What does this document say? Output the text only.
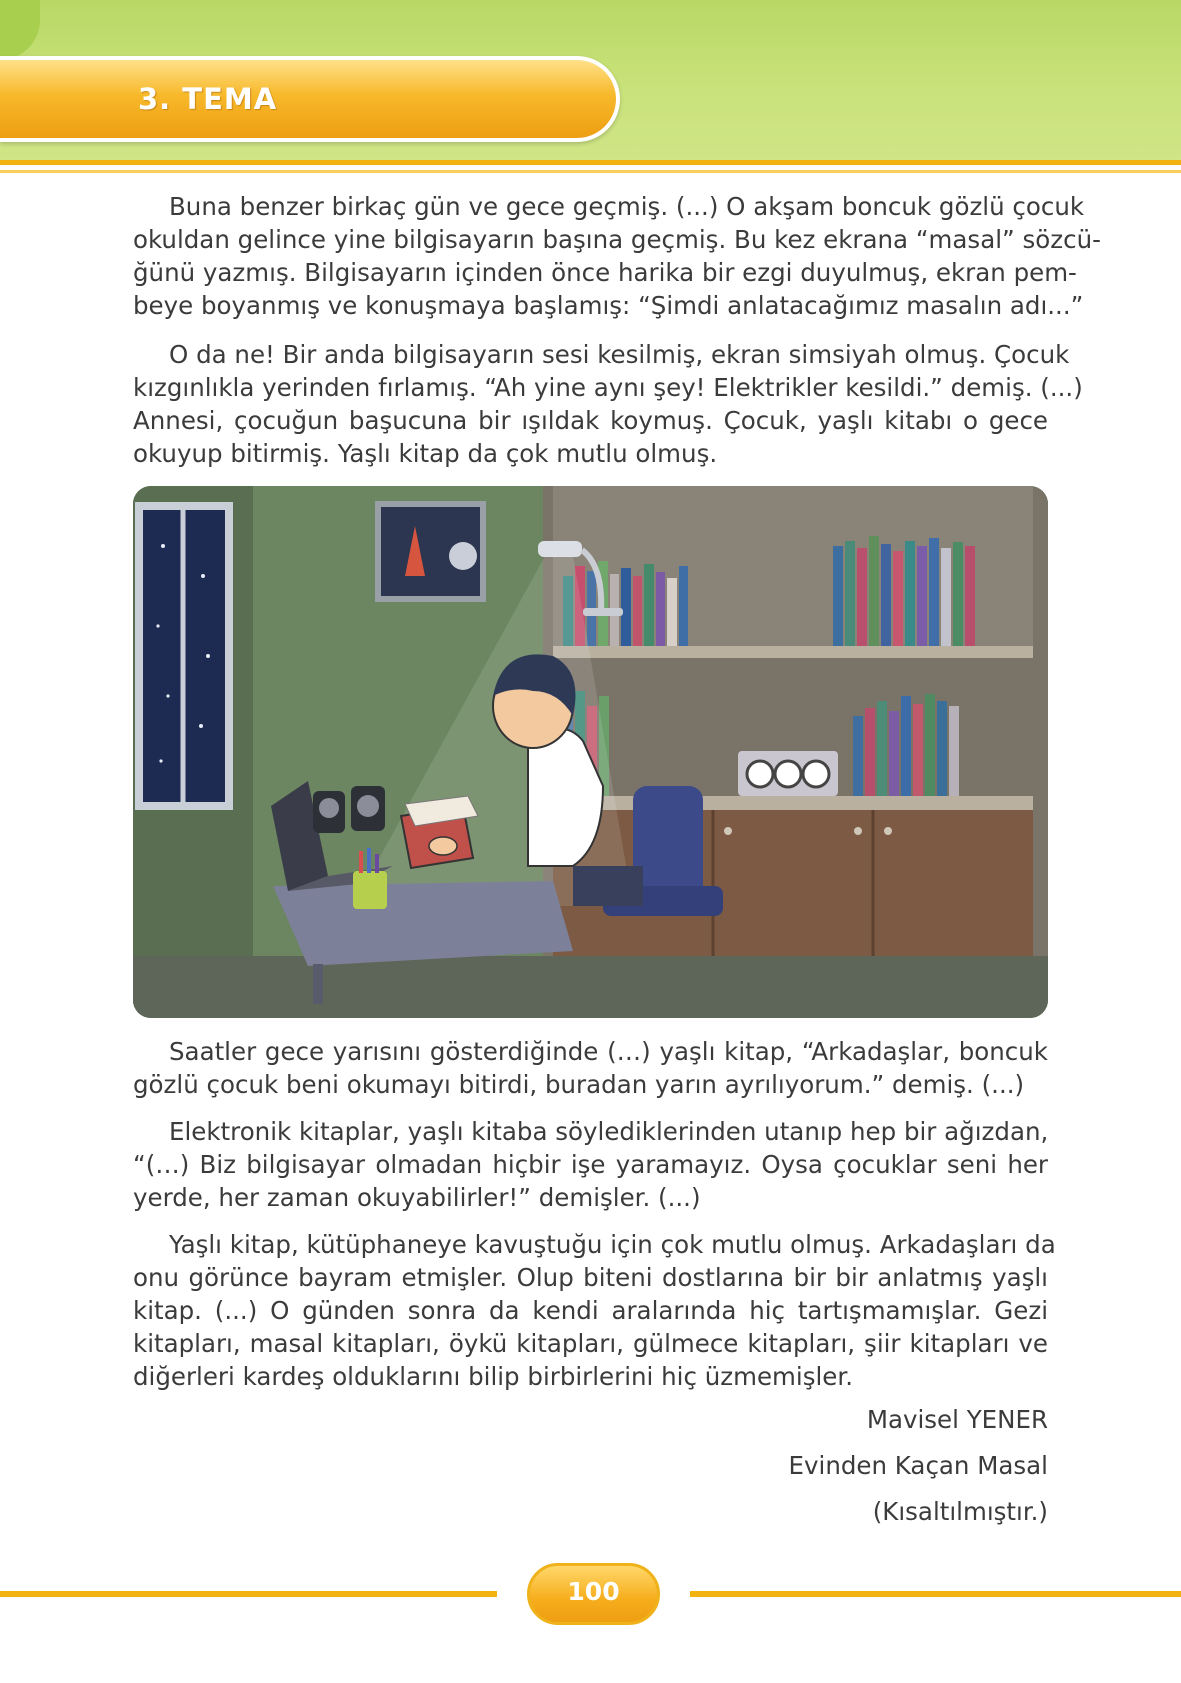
3. TEMA
Buna benzer birkaç gün ve gece geçmiş. (...) O akşam boncuk gözlü çocuk
okuldan gelince yine bilgisayarın başına geçmiş. Bu kez ekrana “masal” sözcü-
ğünü yazmış. Bilgisayarın içinden önce harika bir ezgi duyulmuş, ekran pem-
beye boyanmış ve konuşmaya başlamış: “Şimdi anlatacağımız masalın adı...”
O da ne! Bir anda bilgisayarın sesi kesilmiş, ekran simsiyah olmuş. Çocuk
kızgınlıkla yerinden fırlamış. “Ah yine aynı şey! Elektrikler kesildi.” demiş. (...)
Annesi, çocuğun başucuna bir ışıldak koymuş. Çocuk, yaşlı kitabı o gece
okuyup bitirmiş. Yaşlı kitap da çok mutlu olmuş.
Saatler gece yarısını gösterdiğinde (…) yaşlı kitap, “Arkadaşlar, boncuk
gözlü çocuk beni okumayı bitirdi, buradan yarın ayrılıyorum.” demiş. (...)
Elektronik kitaplar, yaşlı kitaba söylediklerinden utanıp hep bir ağızdan,
“(…) Biz bilgisayar olmadan hiçbir işe yaramayız. Oysa çocuklar seni her
yerde, her zaman okuyabilirler!” demişler. (...)
Yaşlı kitap, kütüphaneye kavuştuğu için çok mutlu olmuş. Arkadaşları da
onu görünce bayram etmişler. Olup biteni dostlarına bir bir anlatmış yaşlı
kitap. (...) O günden sonra da kendi aralarında hiç tartışmamışlar. Gezi
kitapları, masal kitapları, öykü kitapları, gülmece kitapları, şiir kitapları ve
diğerleri kardeş olduklarını bilip birbirlerini hiç üzmemişler.
Mavisel YENER
Evinden Kaçan Masal
(Kısaltılmıştır.)
100
